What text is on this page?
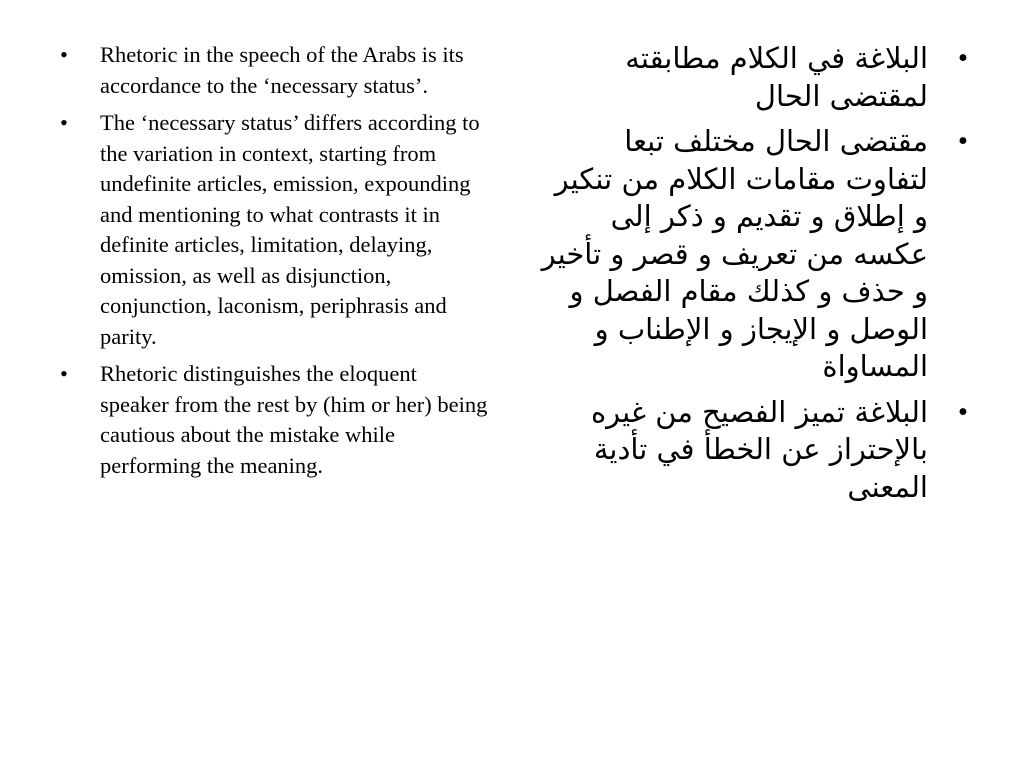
•	Rhetoric in the speech of the Arabs is its accordance to the ‘necessary status’.
•	The ‘necessary status’ differs according to the variation in context, starting from undefinite articles, emission, expounding and mentioning to what contrasts it in definite articles, limitation, delaying, omission, as well as disjunction, conjunction, laconism, periphrasis and parity.
•	Rhetoric distinguishes the eloquent speaker from the rest by (him or her) being cautious about the mistake while performing the meaning.
•
البلاغة في الكلام مطابقته لمقتضى الحال
•
مقتضى الحال مختلف تبعا لتفاوت مقامات الكلام من تنكير و إطلاق و تقديم و ذكر إلى عكسه من تعريف و قصر و تأخير و حذف و كذلك مقام الفصل و الوصل و الإيجاز و الإطناب و المساواة
•
البلاغة تميز الفصيح من غيره بالإحتراز عن الخطأ في تأدية المعنى
